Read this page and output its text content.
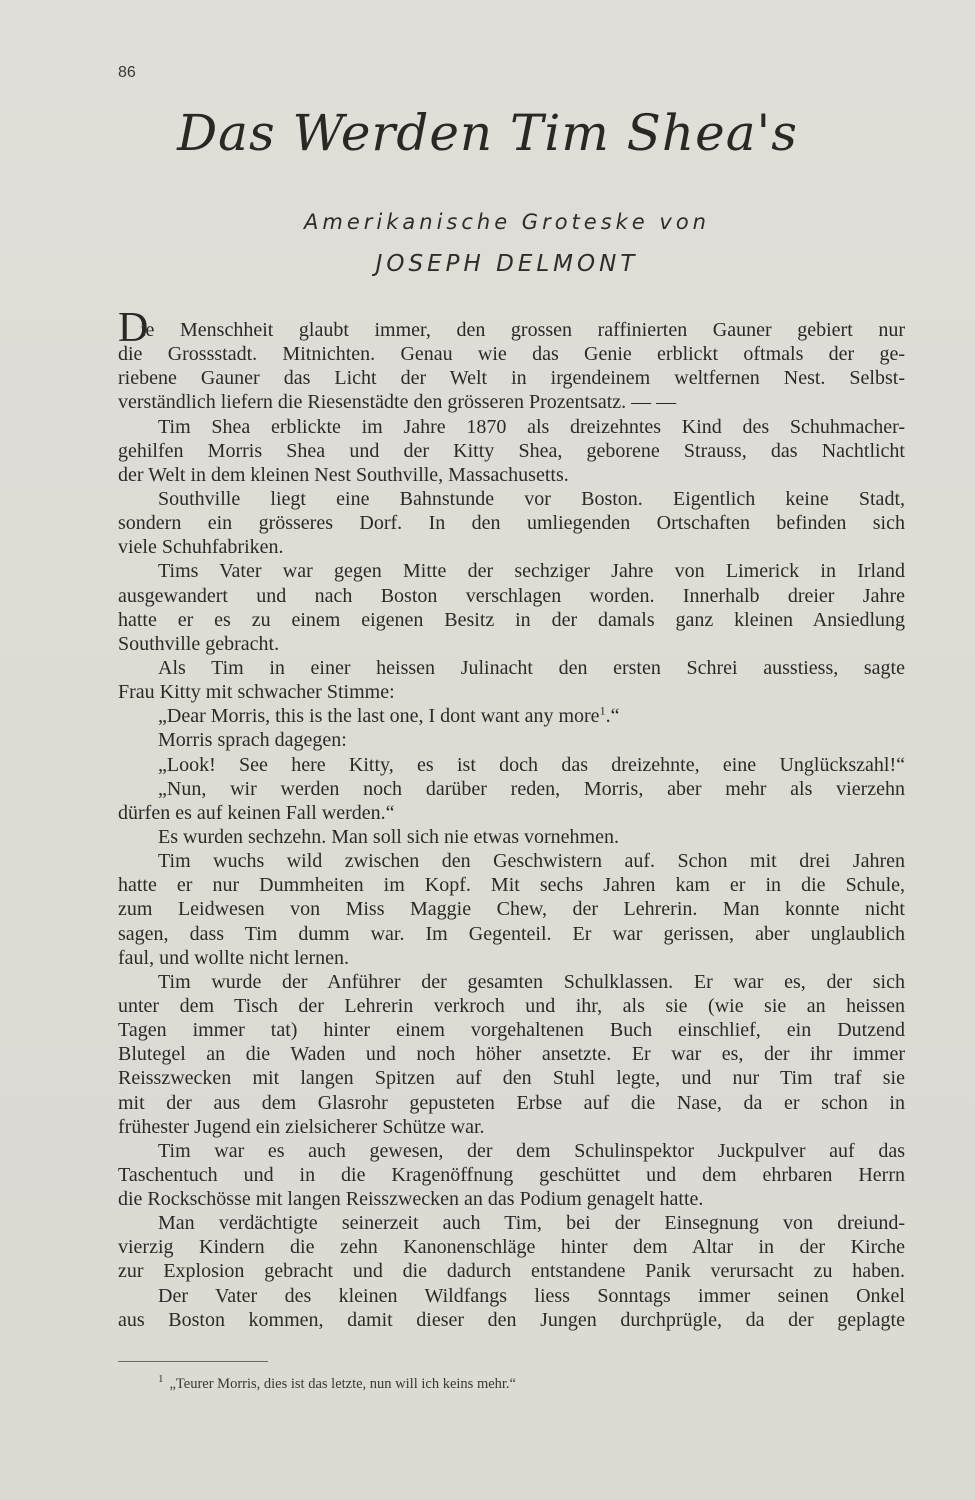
86
Das Werden Tim Shea's
Amerikanische Groteske von
JOSEPH DELMONT
D
ie Menschheit glaubt immer, den grossen raffinierten Gauner gebiert nur
die Grossstadt. Mitnichten. Genau wie das Genie erblickt oftmals der ge-
riebene Gauner das Licht der Welt in irgendeinem weltfernen Nest. Selbst-
verständlich liefern die Riesenstädte den grösseren Prozentsatz. — —
Tim Shea erblickte im Jahre 1870 als dreizehntes Kind des Schuhmacher-
gehilfen Morris Shea und der Kitty Shea, geborene Strauss, das Nachtlicht
der Welt in dem kleinen Nest Southville, Massachusetts.
Southville liegt eine Bahnstunde vor Boston. Eigentlich keine Stadt,
sondern ein grösseres Dorf. In den umliegenden Ortschaften befinden sich
viele Schuhfabriken.
Tims Vater war gegen Mitte der sechziger Jahre von Limerick in Irland
ausgewandert und nach Boston verschlagen worden. Innerhalb dreier Jahre
hatte er es zu einem eigenen Besitz in der damals ganz kleinen Ansiedlung
Southville gebracht.
Als Tim in einer heissen Julinacht den ersten Schrei ausstiess, sagte
Frau Kitty mit schwacher Stimme:
„Dear Morris, this is the last one, I dont want any more$^1$.“
Morris sprach dagegen:
„Look! See here Kitty, es ist doch das dreizehnte, eine Unglückszahl!“
„Nun, wir werden noch darüber reden, Morris, aber mehr als vierzehn
dürfen es auf keinen Fall werden.“
Es wurden sechzehn. Man soll sich nie etwas vornehmen.
Tim wuchs wild zwischen den Geschwistern auf. Schon mit drei Jahren
hatte er nur Dummheiten im Kopf. Mit sechs Jahren kam er in die Schule,
zum Leidwesen von Miss Maggie Chew, der Lehrerin. Man konnte nicht
sagen, dass Tim dumm war. Im Gegenteil. Er war gerissen, aber unglaublich
faul, und wollte nicht lernen.
Tim wurde der Anführer der gesamten Schulklassen. Er war es, der sich
unter dem Tisch der Lehrerin verkroch und ihr, als sie (wie sie an heissen
Tagen immer tat) hinter einem vorgehaltenen Buch einschlief, ein Dutzend
Blutegel an die Waden und noch höher ansetzte. Er war es, der ihr immer
Reisszwecken mit langen Spitzen auf den Stuhl legte, und nur Tim traf sie
mit der aus dem Glasrohr gepusteten Erbse auf die Nase, da er schon in
frühester Jugend ein zielsicherer Schütze war.
Tim war es auch gewesen, der dem Schulinspektor Juckpulver auf das
Taschentuch und in die Kragenöffnung geschüttet und dem ehrbaren Herrn
die Rockschösse mit langen Reisszwecken an das Podium genagelt hatte.
Man verdächtigte seinerzeit auch Tim, bei der Einsegnung von dreiund-
vierzig Kindern die zehn Kanonenschläge hinter dem Altar in der Kirche
zur Explosion gebracht und die dadurch entstandene Panik verursacht zu haben.
Der Vater des kleinen Wildfangs liess Sonntags immer seinen Onkel
aus Boston kommen, damit dieser den Jungen durchprügle, da der geplagte
$^1$ „Teurer Morris, dies ist das letzte, nun will ich keins mehr.“
